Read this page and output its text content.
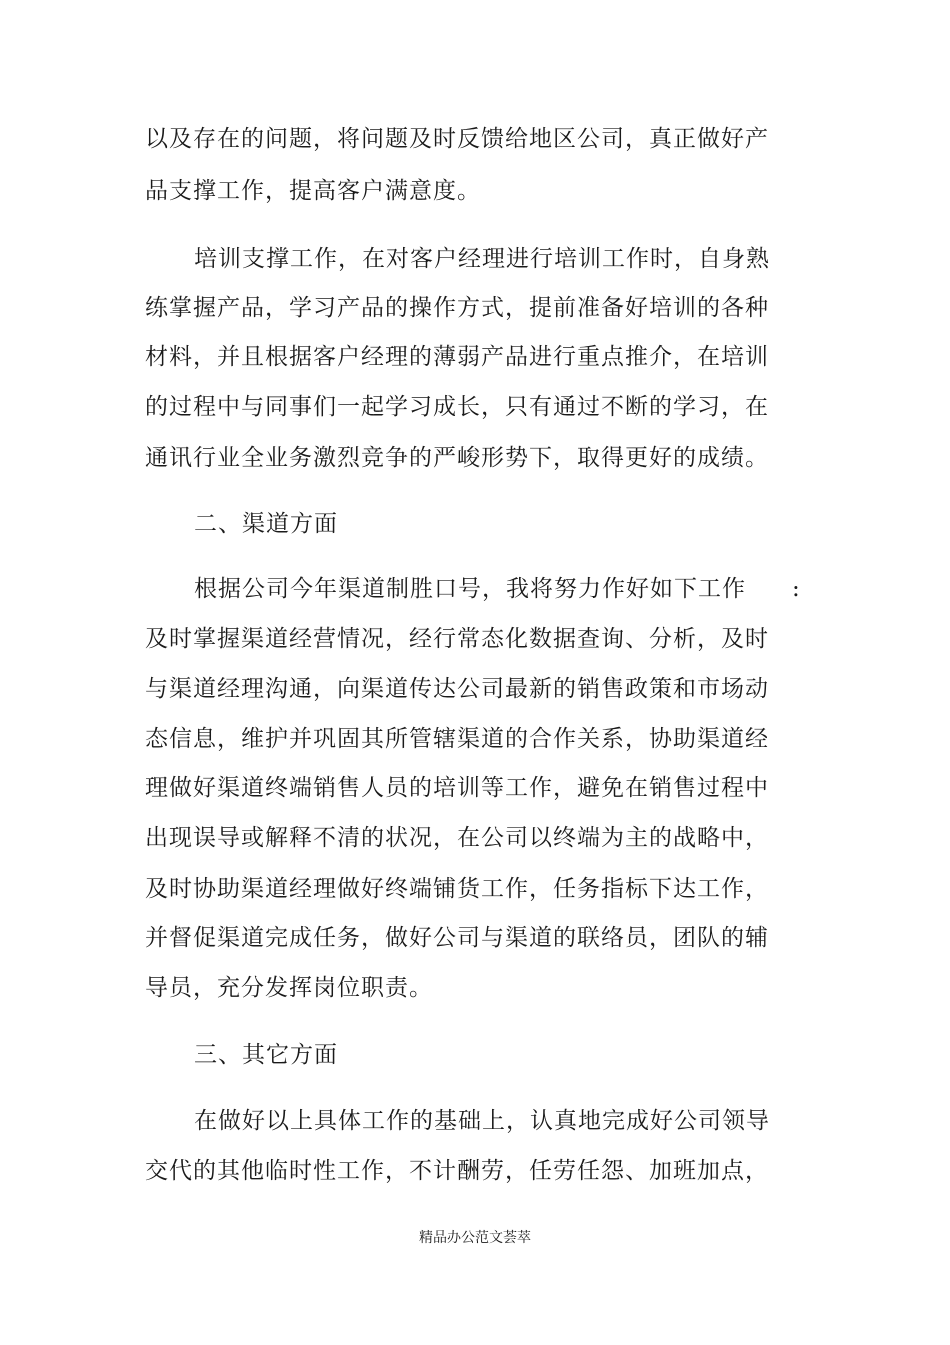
以及存在的问题，将问题及时反馈给地区公司，真正做好产
品支撑工作，提高客户满意度。
培训支撑工作，在对客户经理进行培训工作时，自身熟
练掌握产品，学习产品的操作方式，提前准备好培训的各种
材料，并且根据客户经理的薄弱产品进行重点推介，在培训
的过程中与同事们一起学习成长，只有通过不断的学习，在
通讯行业全业务激烈竞争的严峻形势下，取得更好的成绩。
二、渠道方面
根据公司今年渠道制胜口号，我将努力作好如下工作 :
及时掌握渠道经营情况，经行常态化数据查询、分析，及时
与渠道经理沟通，向渠道传达公司最新的销售政策和市场动
态信息，维护并巩固其所管辖渠道的合作关系，协助渠道经
理做好渠道终端销售人员的培训等工作，避免在销售过程中
出现误导或解释不清的状况，在公司以终端为主的战略中，
及时协助渠道经理做好终端铺货工作，任务指标下达工作，
并督促渠道完成任务，做好公司与渠道的联络员，团队的辅
导员，充分发挥岗位职责。
三、其它方面
在做好以上具体工作的基础上，认真地完成好公司领导
交代的其他临时性工作，不计酬劳，任劳任怨、加班加点，
精品办公范文荟萃
